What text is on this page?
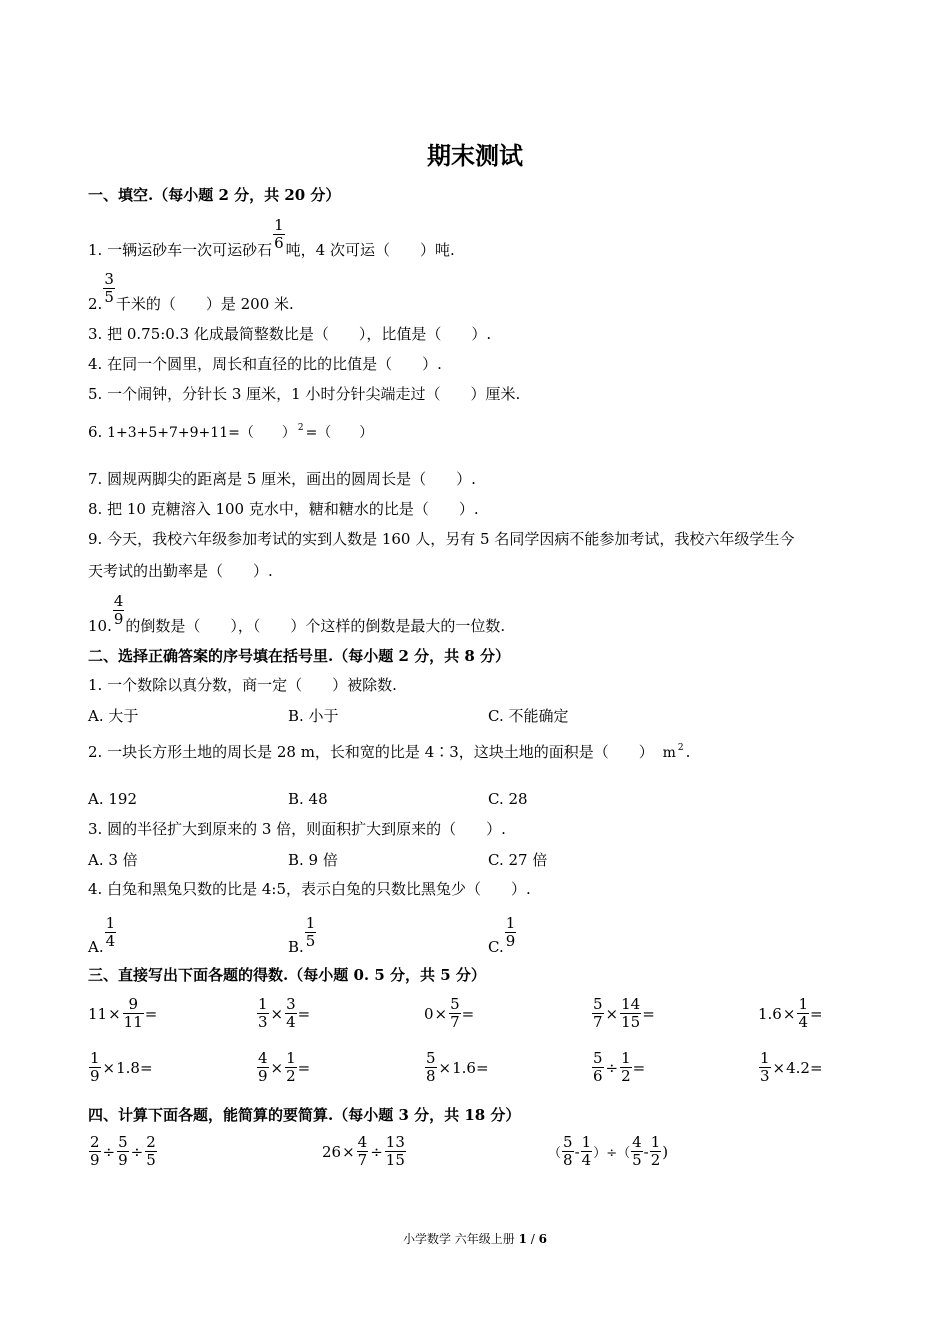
期末测试
一、填空.（每小题 2 分，共 20 分）
1. 一辆运砂车一次可运砂石 $\frac{1}{6}$ 吨，4 次可运（　　）吨.
2. $\frac{3}{5}$ 千米的（　　）是 200 米.
3. 把 0.75:0.3 化成最简整数比是（　　），比值是（　　）.
4. 在同一个圆里，周长和直径的比的比值是（　　）.
5. 一个闹钟，分针长 3 厘米，1 小时分针尖端走过（　　）厘米.
6. 1+3+5+7+9+11=（　　） $^2$ =（　　）
7. 圆规两脚尖的距离是 5 厘米，画出的圆周长是（　　）.
8. 把 10 克糖溶入 100 克水中，糖和糖水的比是（　　）.
9. 今天，我校六年级参加考试的实到人数是 160 人，另有 5 名同学因病不能参加考试，我校六年级学生今
天考试的出勤率是（　　）.
10. $\frac{4}{9}$ 的倒数是（　　），（　　）个这样的倒数是最大的一位数.
二、选择正确答案的序号填在括号里.（每小题 2 分，共 8 分）
1. 一个数除以真分数，商一定（　　）被除数.
A. 大于	B. 小于	C. 不能确定
2. 一块长方形土地的周长是 28 m，长和宽的比是 4∶3，这块土地的面积是（　　） m $^2$ .
A. 192	B. 48	C. 28
3. 圆的半径扩大到原来的 3 倍，则面积扩大到原来的（　　）.
A. 3 倍	B. 9 倍	C. 27 倍
4. 白兔和黑兔只数的比是 4:5，表示白兔的只数比黑兔少（　　）.
A. $\frac{1}{4}$	B. $\frac{1}{5}$	C. $\frac{1}{9}$
三、直接写出下面各题的得数.（每小题 0. 5 分，共 5 分）
$11 \times \frac{9}{11}$ =	$\frac{1}{3} \times \frac{3}{4}$ =	$0 \times \frac{5}{7}$ =	$\frac{5}{7} \times \frac{14}{15}$ =	$1.6 \times \frac{1}{4}$ =
$\frac{1}{9} \times 1.8=$	$\frac{4}{9} \times \frac{1}{2}$ =	$\frac{5}{8} \times 1.6=$	$\frac{5}{6} \div \frac{1}{2}$ =	$\frac{1}{3} \times 4.2=$
四、计算下面各题，能简算的要简算.（每小题 3 分，共 18 分）
$\frac{2}{9} \div \frac{5}{9} \div \frac{2}{5}$	$26 \times \frac{4}{7} \div \frac{13}{15}$	（ $\frac{5}{8} - \frac{1}{4}$ ）÷（ $\frac{4}{5} - \frac{1}{2}$ )
小学数学 六年级上册 1 / 6
